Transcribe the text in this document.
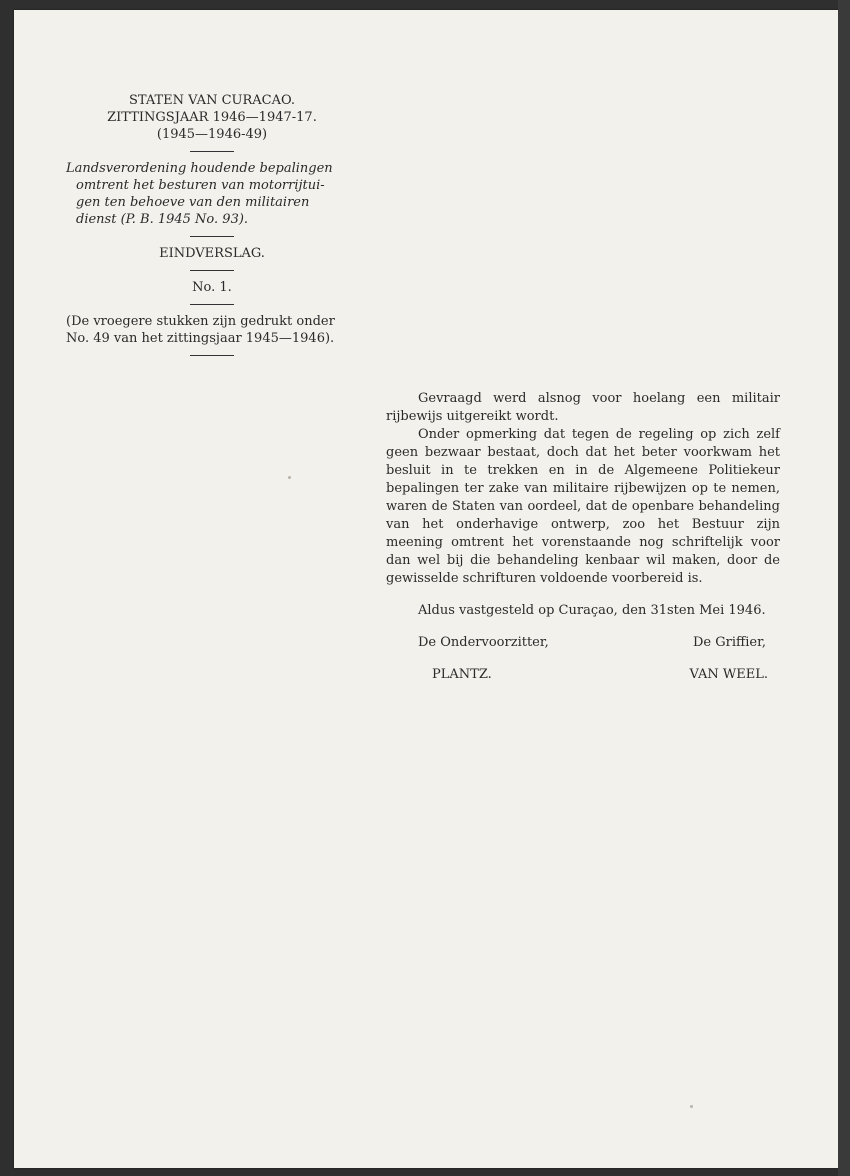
STATEN VAN CURACAO.
ZITTINGSJAAR 1946—1947-17.
(1945—1946-49)
Landsverordening houdende bepalingen
omtrent het besturen van motorrijtui-
gen ten behoeve van den militairen
dienst (P. B. 1945 No. 93).
EINDVERSLAG.
No. 1.
(De vroegere stukken zijn gedrukt onder
No. 49 van het zittingsjaar 1945—1946).

Gevraagd werd alsnog voor hoelang een militair rijbewijs uitgereikt wordt.

Onder opmerking dat tegen de regeling op zich zelf geen bezwaar bestaat, doch dat het beter voorkwam het besluit in te trekken en in de Algemeene Politiekeur bepalingen ter zake van militaire rijbewijzen op te nemen, waren de Staten van oordeel, dat de openbare behandeling van het onderhavige ontwerp, zoo het Bestuur zijn meening omtrent het vorenstaande nog schriftelijk voor dan wel bij die behandeling kenbaar wil maken, door de gewisselde schrifturen voldoende voorbereid is.

Aldus vastgesteld op Curaçao, den 31sten Mei 1946.

De Ondervoorzitter,	De Griffier,
PLANTZ.	VAN WEEL.
